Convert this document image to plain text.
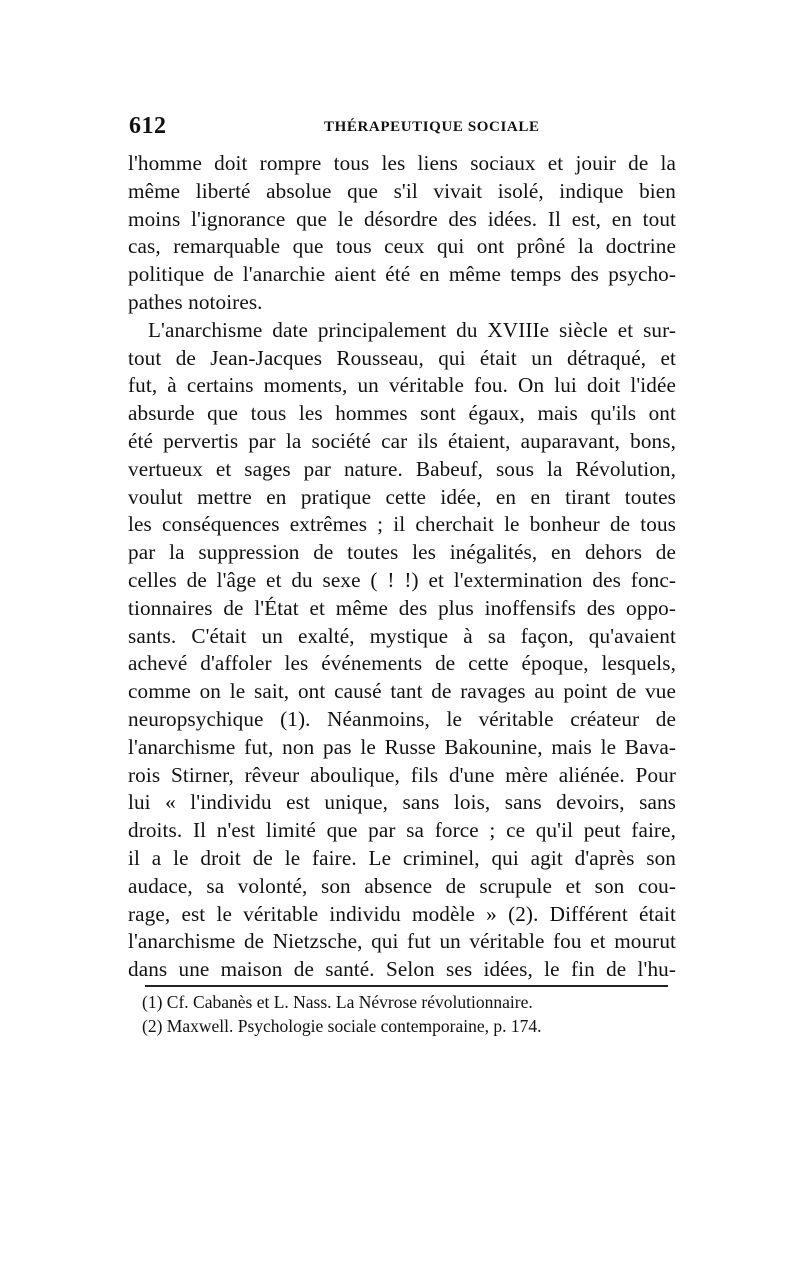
612	THÉRAPEUTIQUE SOCIALE
l'homme doit rompre tous les liens sociaux et jouir de la
même liberté absolue que s'il vivait isolé, indique bien
moins l'ignorance que le désordre des idées. Il est, en tout
cas, remarquable que tous ceux qui ont prôné la doctrine
politique de l'anarchie aient été en même temps des psycho-
pathes notoires.
L'anarchisme date principalement du XVIIIe siècle et sur-
tout de Jean-Jacques Rousseau, qui était un détraqué, et
fut, à certains moments, un véritable fou. On lui doit l'idée
absurde que tous les hommes sont égaux, mais qu'ils ont
été pervertis par la société car ils étaient, auparavant, bons,
vertueux et sages par nature. Babeuf, sous la Révolution,
voulut mettre en pratique cette idée, en en tirant toutes
les conséquences extrêmes ; il cherchait le bonheur de tous
par la suppression de toutes les inégalités, en dehors de
celles de l'âge et du sexe ( ! !) et l'extermination des fonc-
tionnaires de l'État et même des plus inoffensifs des oppo-
sants. C'était un exalté, mystique à sa façon, qu'avaient
achevé d'affoler les événements de cette époque, lesquels,
comme on le sait, ont causé tant de ravages au point de vue
neuropsychique (1). Néanmoins, le véritable créateur de
l'anarchisme fut, non pas le Russe Bakounine, mais le Bava-
rois Stirner, rêveur aboulique, fils d'une mère aliénée. Pour
lui « l'individu est unique, sans lois, sans devoirs, sans
droits. Il n'est limité que par sa force ; ce qu'il peut faire,
il a le droit de le faire. Le criminel, qui agit d'après son
audace, sa volonté, son absence de scrupule et son cou-
rage, est le véritable individu modèle » (2). Différent était
l'anarchisme de Nietzsche, qui fut un véritable fou et mourut
dans une maison de santé. Selon ses idées, le fin de l'hu-
(1) Cf. Cabanès et L. Nass. La Névrose révolutionnaire.
(2) Maxwell. Psychologie sociale contemporaine, p. 174.
